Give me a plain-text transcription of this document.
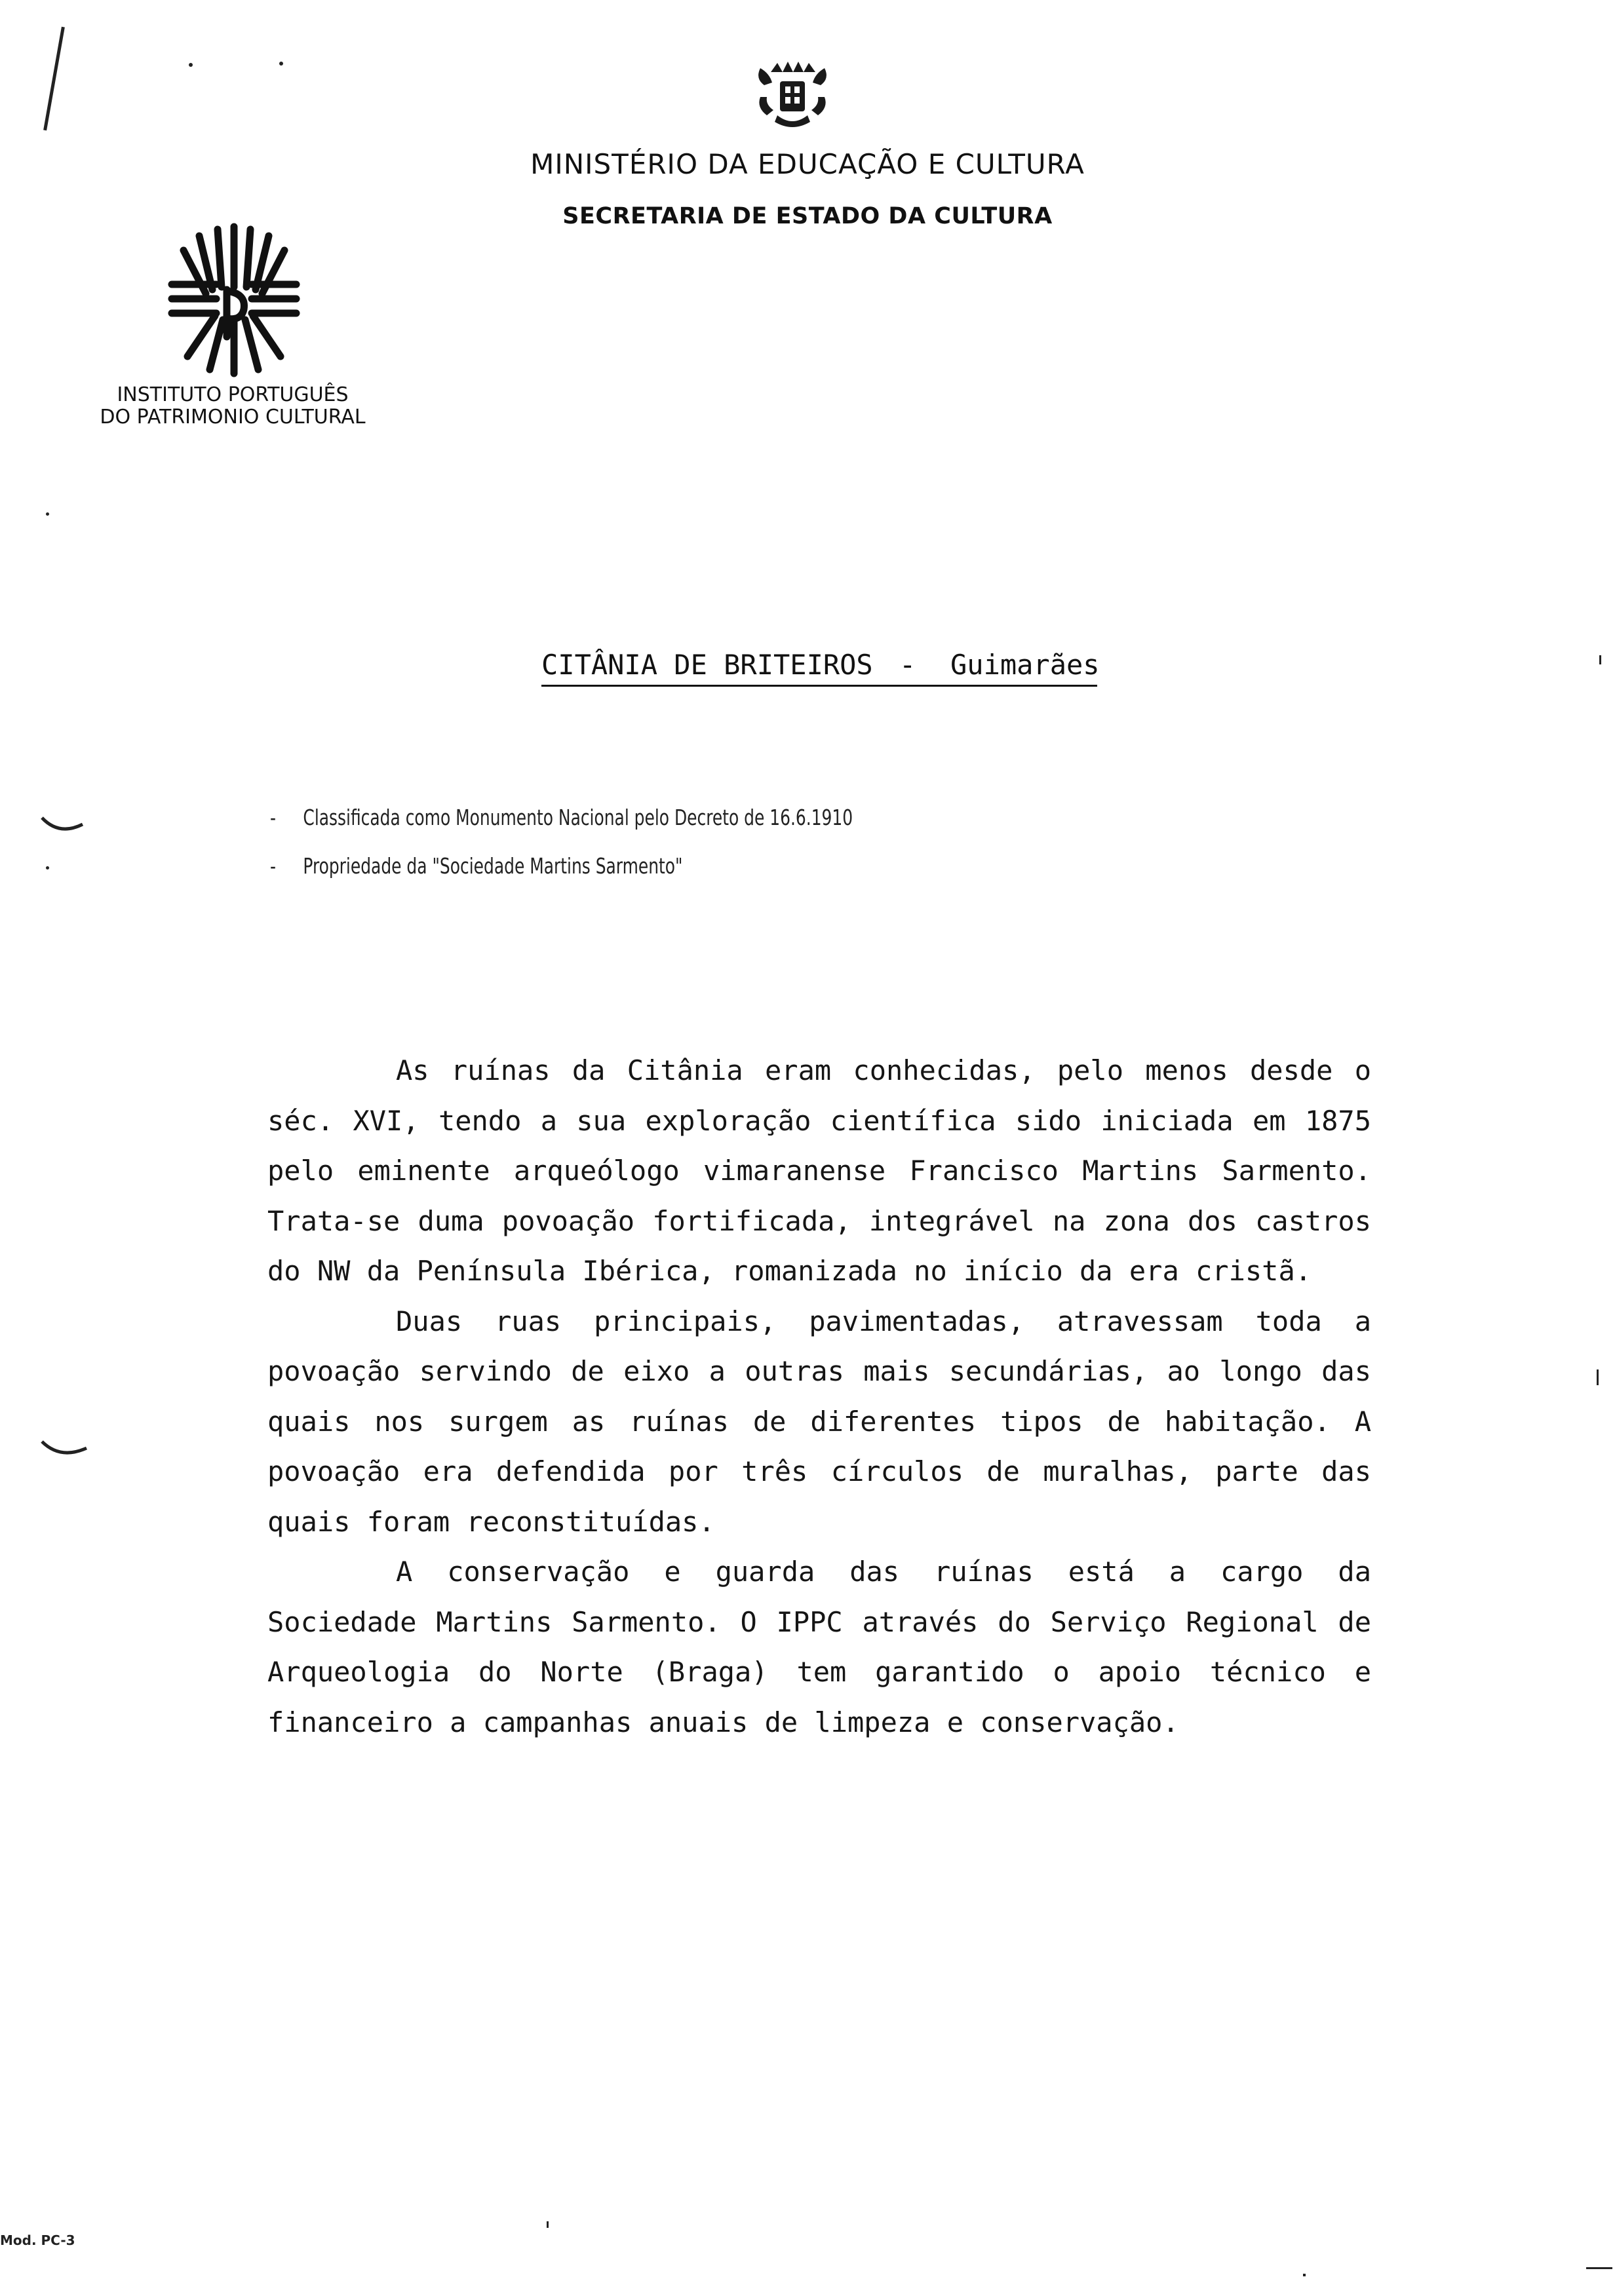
MINISTÉRIO DA EDUCAÇÃO E CULTURA
SECRETARIA DE ESTADO DA CULTURA
INSTITUTO PORTUGUÊS
DO PATRIMONIO CULTURAL

CITÂNIA DE BRITEIROS

-

Guimarães

- Classificada como Monumento Nacional pelo Decreto de 16.6.1910
- Propriedade da "Sociedade Martins Sarmento"

As ruínas da Citânia eram conhecidas, pelo menos desde o séc. XVI, tendo a sua exploração científica sido iniciada em 1875 pelo eminente arqueólogo vimaranense Francisco Martins Sarmento. Trata-se duma povoação fortificada, integrável na zona dos castros do NW da Península Ibérica, romanizada no início da era cristã.

Duas ruas principais, pavimentadas, atravessam toda a povoação servindo de eixo a outras mais secundárias, ao longo das quais nos surgem as ruínas de diferentes tipos de habitação. A povoação era defendida por três círculos de muralhas, parte das quais foram reconstituídas.

A conservação e guarda das ruínas está a cargo da Sociedade Martins Sarmento. O IPPC através do Serviço Regional de Arqueologia do Norte (Braga) tem garantido o apoio técnico e financeiro a campanhas anuais de limpeza e conservação.

Mod. PC-3
